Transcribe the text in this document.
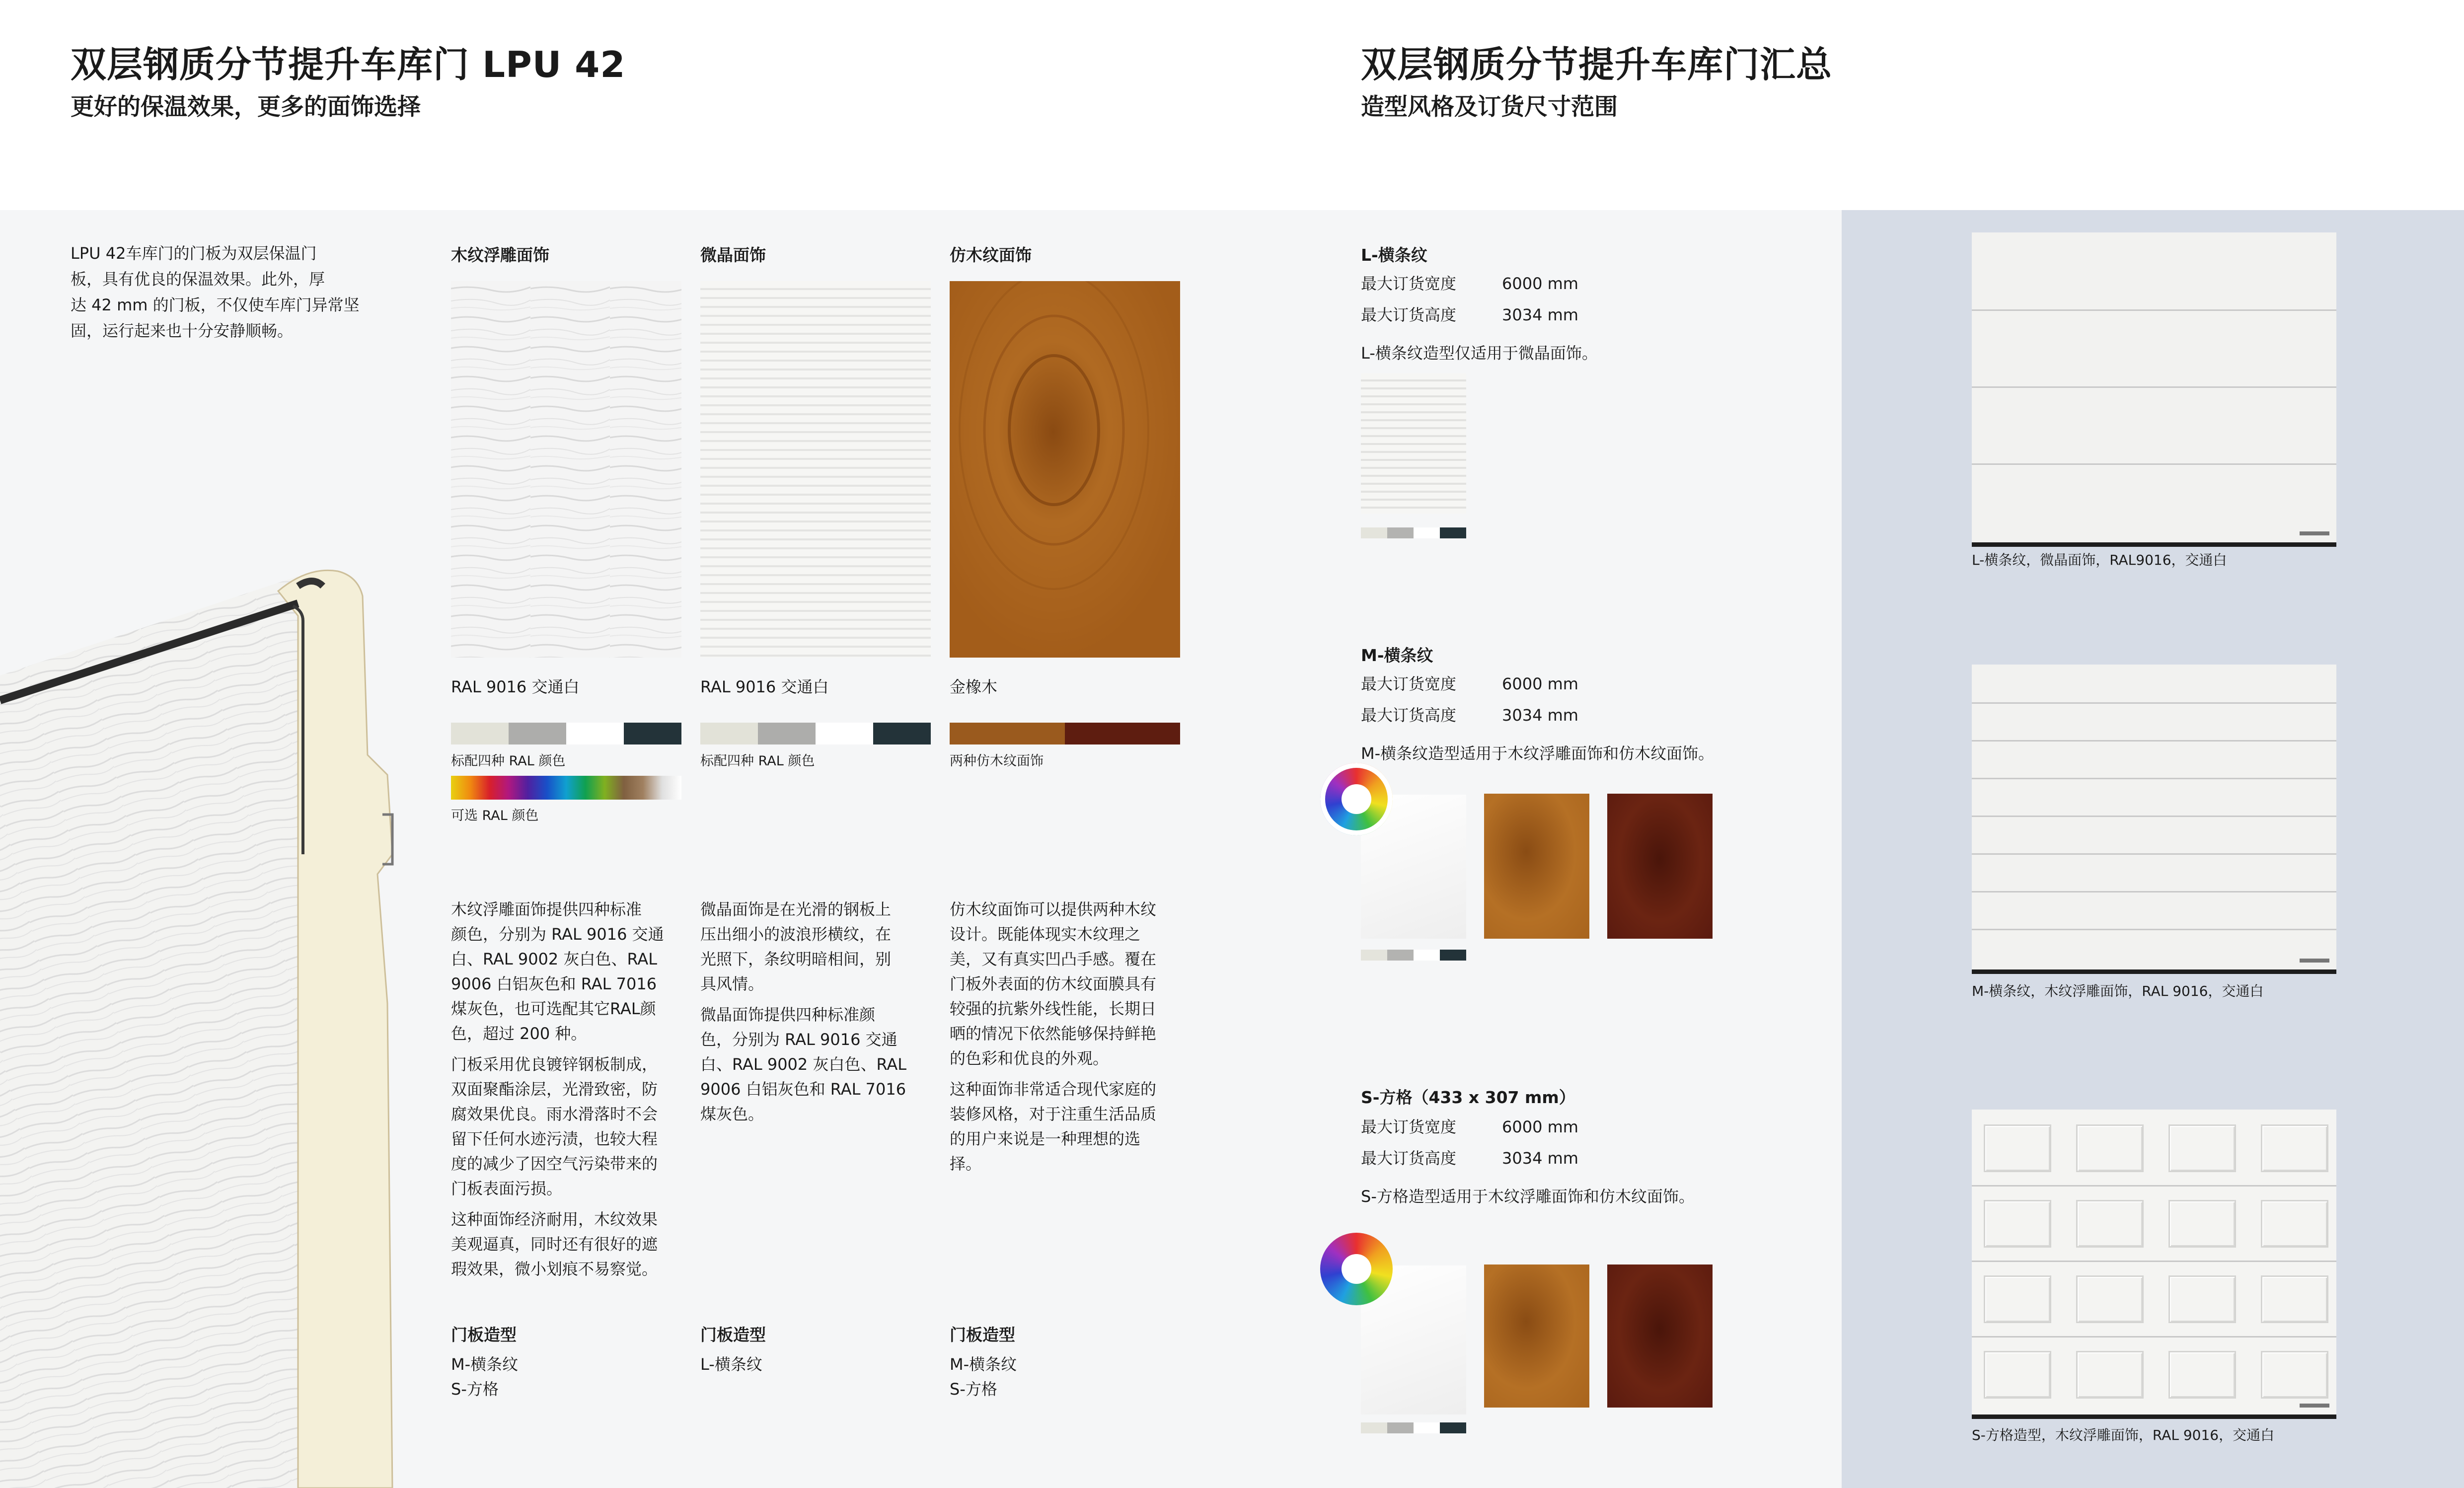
双层钢质分节提升车库门 LPU 42
更好的保温效果，更多的面饰选择
LPU 42车库门的门板为双层保温门
板，具有优良的保温效果。此外，厚
达 42 mm 的门板，不仅使车库门异常坚
固，运行起来也十分安静顺畅。
木纹浮雕面饰
RAL 9016 交通白
标配四种 RAL 颜色
可选 RAL 颜色
木纹浮雕面饰提供四种标准
颜色，分别为 RAL 9016 交通
白、RAL 9002 灰白色、RAL
9006 白铝灰色和 RAL 7016
煤灰色，也可选配其它RAL颜
色，超过 200 种。
门板采用优良镀锌钢板制成，
双面聚酯涂层，光滑致密，防
腐效果优良。雨水滑落时不会
留下任何水迹污渍，也较大程
度的减少了因空气污染带来的
门板表面污损。
这种面饰经济耐用，木纹效果
美观逼真，同时还有很好的遮
瑕效果，微小划痕不易察觉。
门板造型
M-横条纹
S-方格
微晶面饰
RAL 9016 交通白
标配四种 RAL 颜色
微晶面饰是在光滑的钢板上
压出细小的波浪形横纹，在
光照下，条纹明暗相间，别
具风情。
微晶面饰提供四种标准颜
色，分别为 RAL 9016 交通
白、RAL 9002 灰白色、RAL
9006 白铝灰色和 RAL 7016
煤灰色。
门板造型
L-横条纹
仿木纹面饰
金橡木
两种仿木纹面饰
仿木纹面饰可以提供两种木纹
设计。既能体现实木纹理之
美，又有真实凹凸手感。覆在
门板外表面的仿木纹面膜具有
较强的抗紫外线性能，长期日
晒的情况下依然能够保持鲜艳
的色彩和优良的外观。
这种面饰非常适合现代家庭的
装修风格，对于注重生活品质
的用户来说是一种理想的选
择。
门板造型
M-横条纹
S-方格
双层钢质分节提升车库门汇总
造型风格及订货尺寸范围
L-横条纹
最大订货宽度	6000 mm
最大订货高度	3034 mm
L-横条纹造型仅适用于微晶面饰。
M-横条纹
最大订货宽度	6000 mm
最大订货高度	3034 mm
M-横条纹造型适用于木纹浮雕面饰和仿木纹面饰。
S-方格（433 x 307 mm）
最大订货宽度	6000 mm
最大订货高度	3034 mm
S-方格造型适用于木纹浮雕面饰和仿木纹面饰。
L-横条纹，微晶面饰，RAL9016，交通白
M-横条纹，木纹浮雕面饰，RAL 9016，交通白
S-方格造型，木纹浮雕面饰，RAL 9016，交通白
